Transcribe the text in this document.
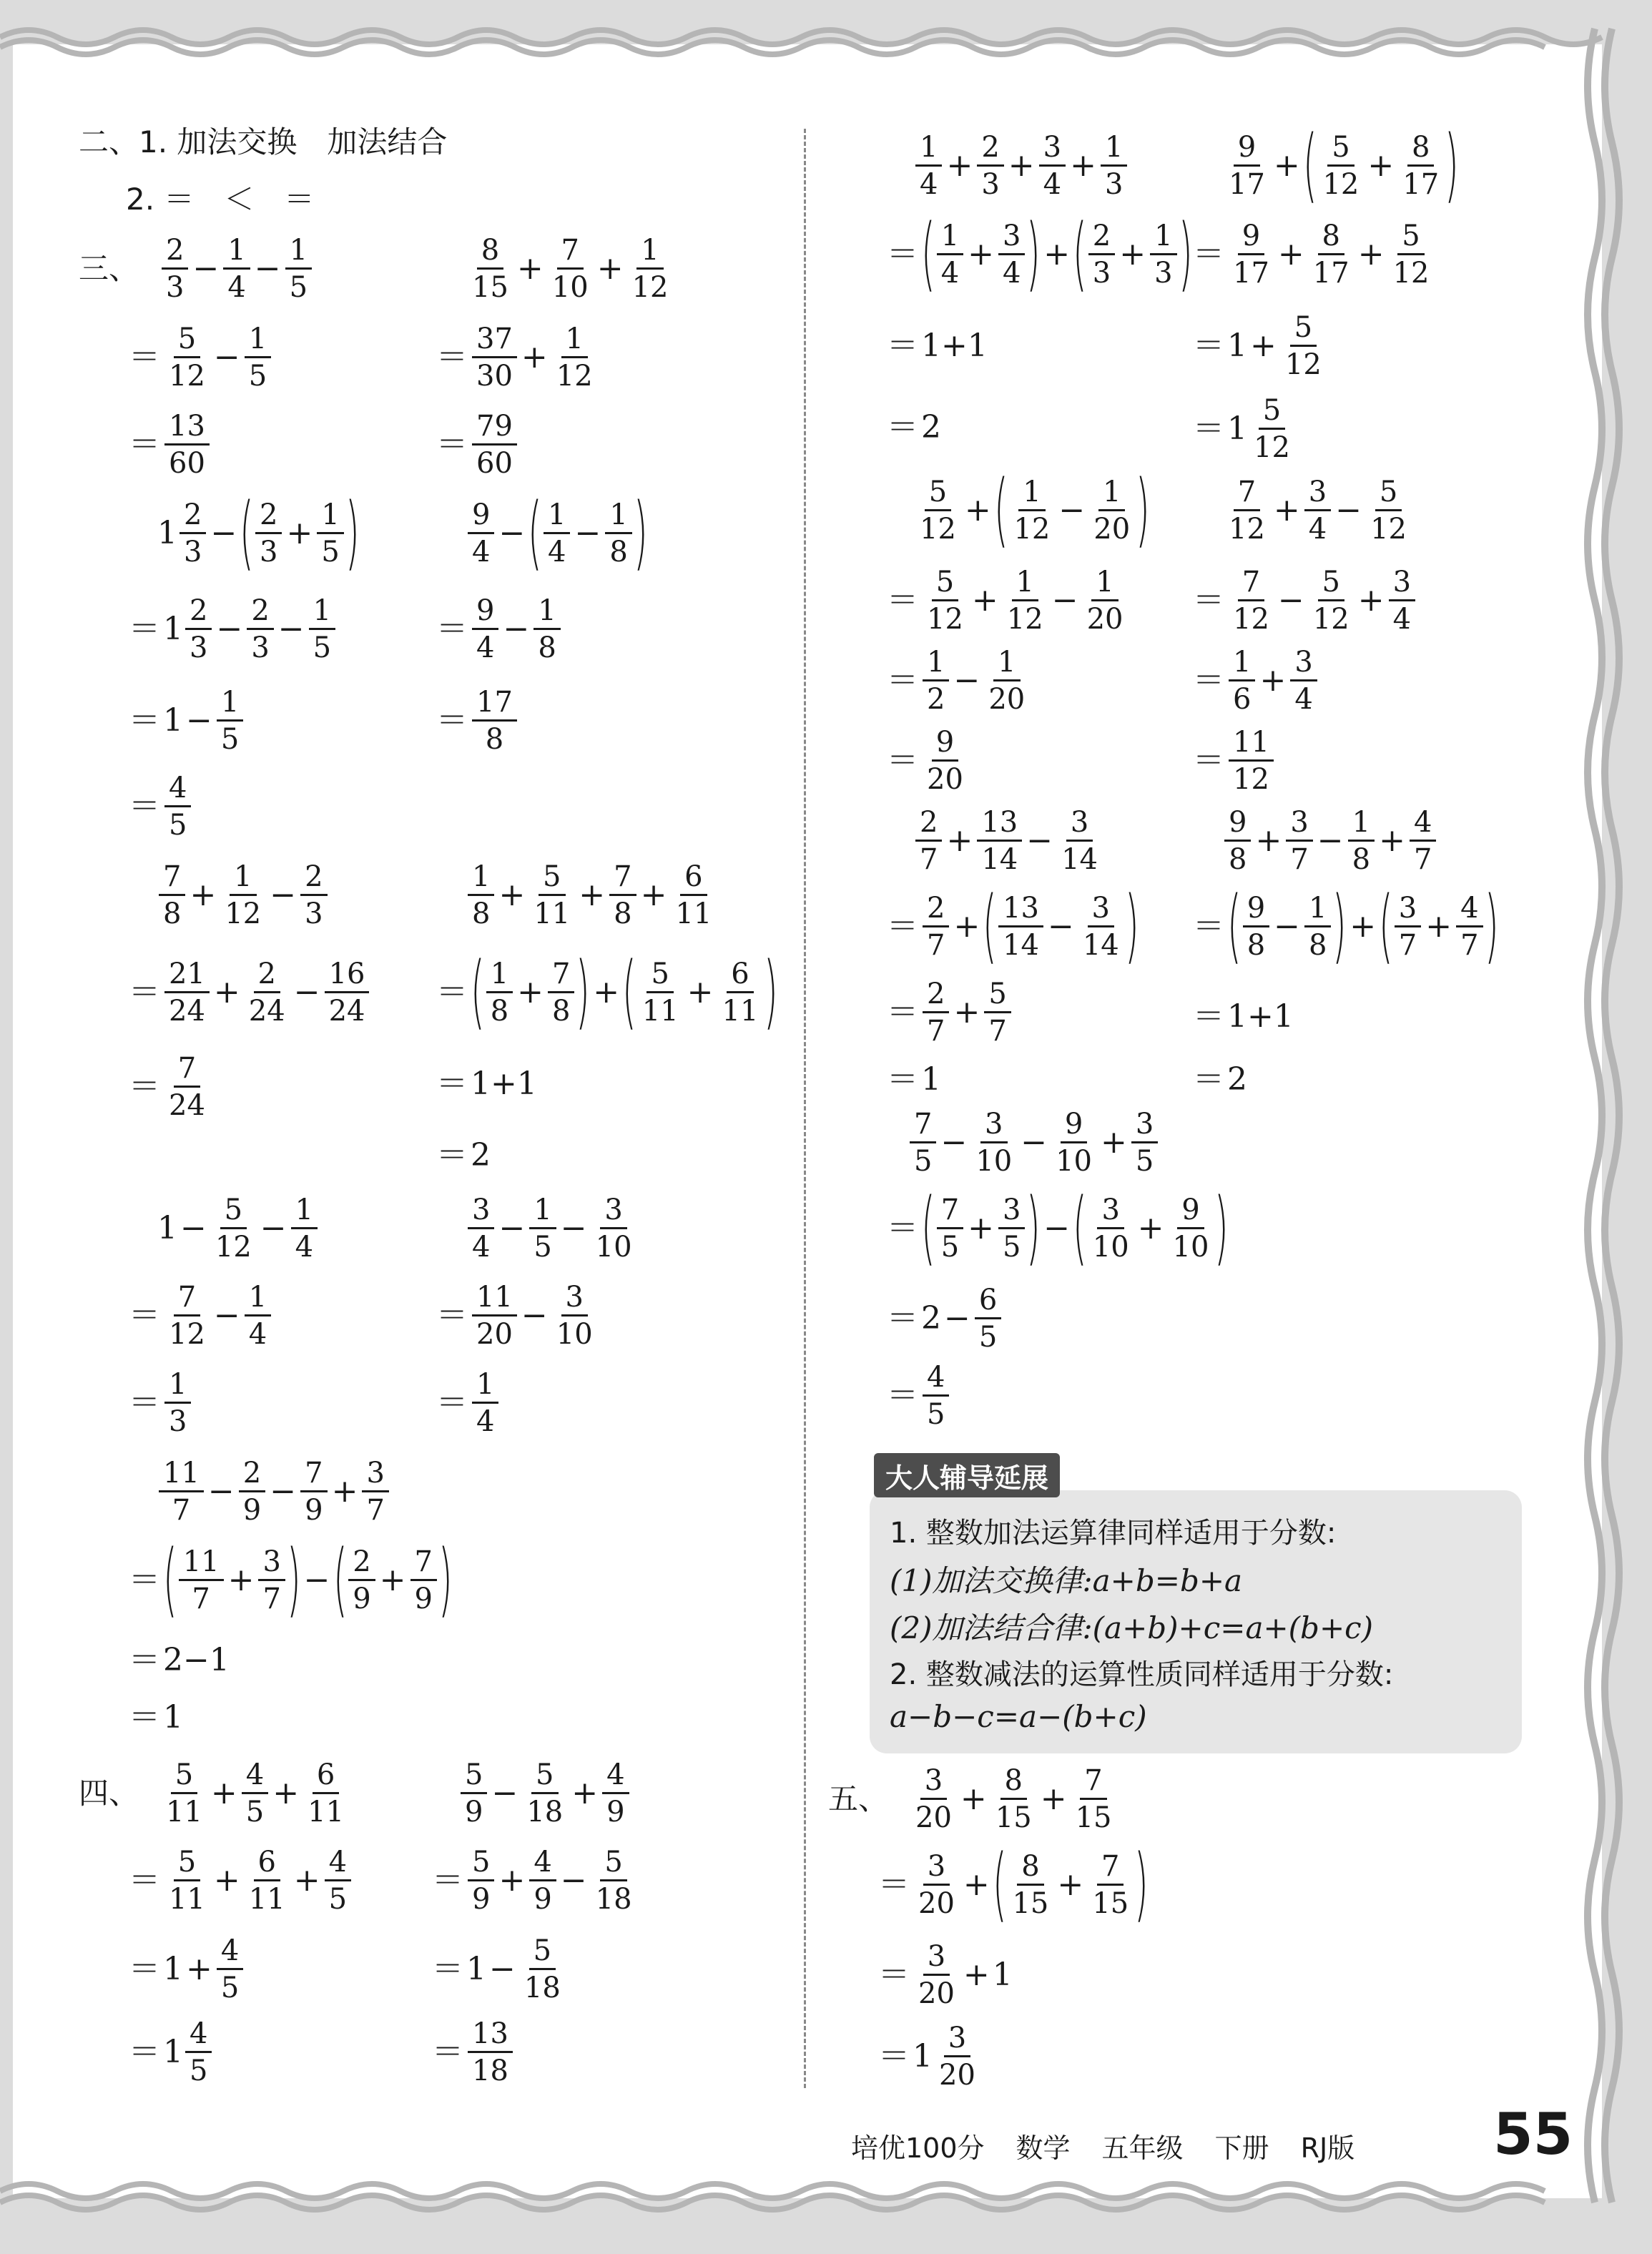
二、1. 加法交换　加法结合
2. ＝　＜　＝
三、 $\frac{2}{3} - \frac{1}{4} - \frac{1}{5}$
＝ $\frac{5}{12} - \frac{1}{5}$
＝ $\frac{13}{60}$
$\frac{8}{15} + \frac{7}{10} + \frac{1}{12}$
＝ $\frac{37}{30} + \frac{1}{12}$
＝ $\frac{79}{60}$
$1 \frac{2}{3}$ − ( $\frac{2}{3} + \frac{1}{5}$ )
＝ $1 \frac{2}{3} - \frac{2}{3} - \frac{1}{5}$
＝ $1 - \frac{1}{5}$
＝ $\frac{4}{5}$
$\frac{9}{4}$ − ( $\frac{1}{4} - \frac{1}{8}$ )
＝ $\frac{9}{4} - \frac{1}{8}$
＝ $\frac{17}{8}$
$\frac{7}{8} + \frac{1}{12} - \frac{2}{3}$
＝ $\frac{21}{24} + \frac{2}{24} - \frac{16}{24}$
＝ $\frac{7}{24}$
$\frac{1}{8} + \frac{5}{11} + \frac{7}{8} + \frac{6}{11}$
＝ ( $\frac{1}{8} + \frac{7}{8}$ ) + ( $\frac{5}{11} + \frac{6}{11}$ )
＝ 1+1
＝ 2
$1 - \frac{5}{12} - \frac{1}{4}$
＝ $\frac{7}{12} - \frac{1}{4}$
＝ $\frac{1}{3}$
$\frac{3}{4} - \frac{1}{5} - \frac{3}{10}$
＝ $\frac{11}{20} - \frac{3}{10}$
＝ $\frac{1}{4}$
$\frac{11}{7} - \frac{2}{9} - \frac{7}{9} + \frac{3}{7}$
＝ ( $\frac{11}{7} + \frac{3}{7}$ ) − ( $\frac{2}{9} + \frac{7}{9}$ )
＝ 2−1
＝ 1
四、 $\frac{5}{11} + \frac{4}{5} + \frac{6}{11}$
＝ $\frac{5}{11} + \frac{6}{11} + \frac{4}{5}$
＝ $1 + \frac{4}{5}$
＝ $1 \frac{4}{5}$
$\frac{5}{9} - \frac{5}{18} + \frac{4}{9}$
＝ $\frac{5}{9} + \frac{4}{9} - \frac{5}{18}$
＝ $1 - \frac{5}{18}$
＝ $\frac{13}{18}$
$\frac{1}{4} + \frac{2}{3} + \frac{3}{4} + \frac{1}{3}$
＝ ( $\frac{1}{4} + \frac{3}{4}$ ) + ( $\frac{2}{3} + \frac{1}{3}$ )
＝ 1+1
＝ 2
$\frac{9}{17}$ + ( $\frac{5}{12} + \frac{8}{17}$ )
＝ $\frac{9}{17} + \frac{8}{17} + \frac{5}{12}$
＝ $1 + \frac{5}{12}$
＝ $1 \frac{5}{12}$
$\frac{5}{12}$ + ( $\frac{1}{12} - \frac{1}{20}$ )
＝ $\frac{5}{12} + \frac{1}{12} - \frac{1}{20}$
＝ $\frac{1}{2} - \frac{1}{20}$
＝ $\frac{9}{20}$
$\frac{7}{12} + \frac{3}{4} - \frac{5}{12}$
＝ $\frac{7}{12} - \frac{5}{12} + \frac{3}{4}$
＝ $\frac{1}{6} + \frac{3}{4}$
＝ $\frac{11}{12}$
$\frac{2}{7} + \frac{13}{14} - \frac{3}{14}$
＝ $\frac{2}{7}$ + ( $\frac{13}{14} - \frac{3}{14}$ )
＝ $\frac{2}{7} + \frac{5}{7}$
＝ 1
$\frac{9}{8} + \frac{3}{7} - \frac{1}{8} + \frac{4}{7}$
＝ ( $\frac{9}{8} - \frac{1}{8}$ ) + ( $\frac{3}{7} + \frac{4}{7}$ )
＝ 1+1
＝ 2
$\frac{7}{5} - \frac{3}{10} - \frac{9}{10} + \frac{3}{5}$
＝ ( $\frac{7}{5} + \frac{3}{5}$ ) − ( $\frac{3}{10} + \frac{9}{10}$ )
＝ $2 - \frac{6}{5}$
＝ $\frac{4}{5}$
大人辅导延展
1. 整数加法运算律同样适用于分数:
(1)加法交换律:a+b=b+a
(2)加法结合律:(a+b)+c=a+(b+c)
2. 整数减法的运算性质同样适用于分数:
a−b−c=a−(b+c)
五、 $\frac{3}{20} + \frac{8}{15} + \frac{7}{15}$
＝ $\frac{3}{20}$ + ( $\frac{8}{15} + \frac{7}{15}$ )
＝ $\frac{3}{20} + 1$
＝ $1 \frac{3}{20}$
培优100分 数学 五年级 下册 RJ版 55
